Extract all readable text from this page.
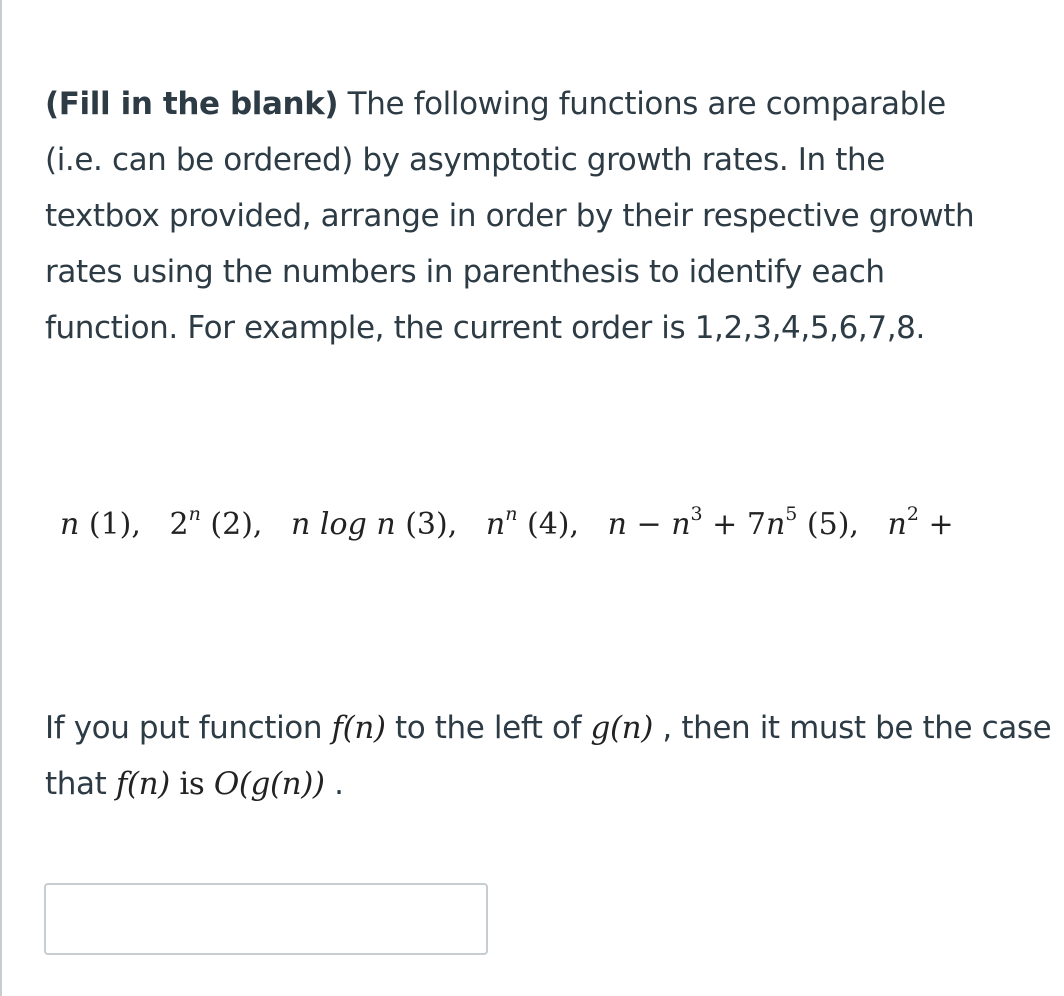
(Fill in the blank) The following functions are comparable (i.e. can be ordered) by asymptotic growth rates. In the textbox provided, arrange in order by their respective growth rates using the numbers in parenthesis to identify each function. For example, the current order is 1,2,3,4,5,6,7,8.
n (1), 2$^n$ (2), n log n (3), $n^n$ (4), $n - n^3 + 7n^5$ (5), $n^2$ +
If you put function f(n) to the left of g(n) , then it must be the case that f(n) is O(g(n)) .
